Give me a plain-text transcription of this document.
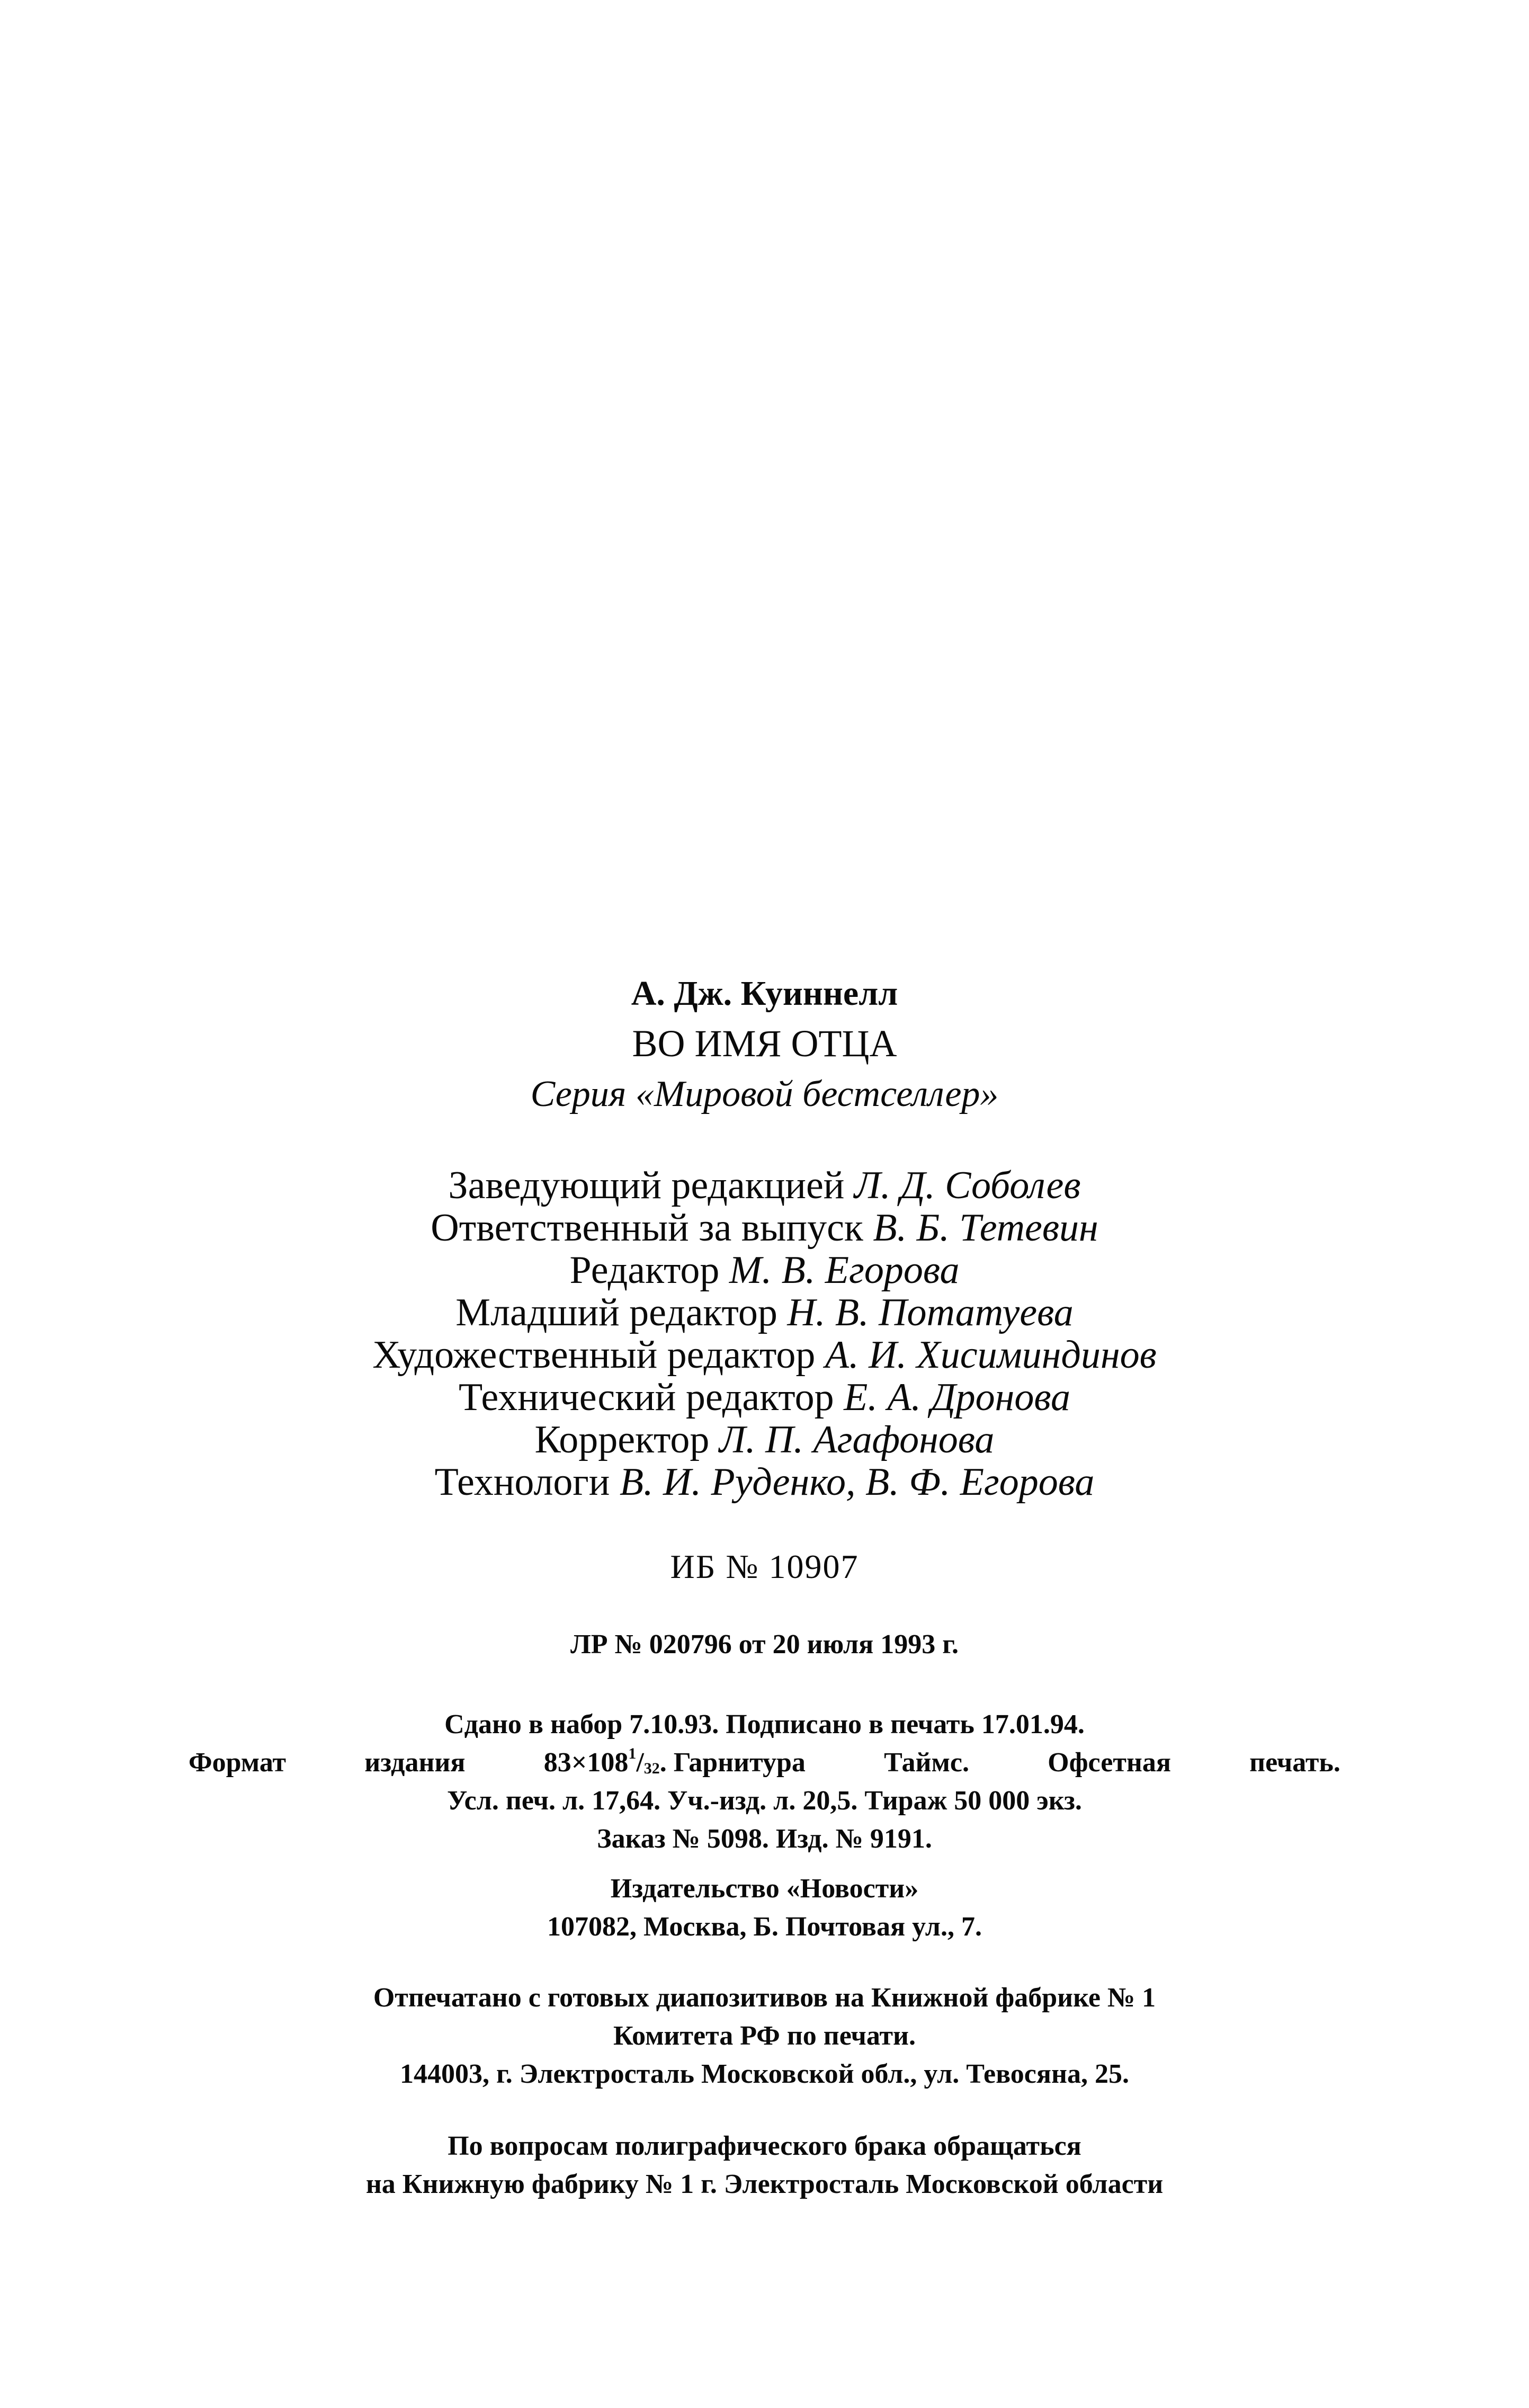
А. Дж. Куиннелл
ВО ИМЯ ОТЦА
Серия «Мировой бестселлер»
Заведующий редакцией Л. Д. Соболев
Ответственный за выпуск В. Б. Тетевин
Редактор М. В. Егорова
Младший редактор Н. В. Потатуева
Художественный редактор А. И. Хисиминдинов
Технический редактор Е. А. Дронова
Корректор Л. П. Агафонова
Технологи В. И. Руденко, В. Ф. Егорова
ИБ № 10907
ЛР № 020796 от 20 июля 1993 г.
Сдано в набор 7.10.93. Подписано в печать 17.01.94.
Формат	издания	$83\times 108^1/_{32}$. Гарнитура	Таймс.	Офсетная	печать.
Усл. печ. л. 17,64. Уч.-изд. л. 20,5. Тираж 50 000 экз.
Заказ № 5098. Изд. № 9191.
Издательство «Новости»
107082, Москва, Б. Почтовая ул., 7.
Отпечатано с готовых диапозитивов на Книжной фабрике № 1
Комитета РФ по печати.
144003, г. Электросталь Московской обл., ул. Тевосяна, 25.
По вопросам полиграфического брака обращаться
на Книжную фабрику № 1 г. Электросталь Московской области
